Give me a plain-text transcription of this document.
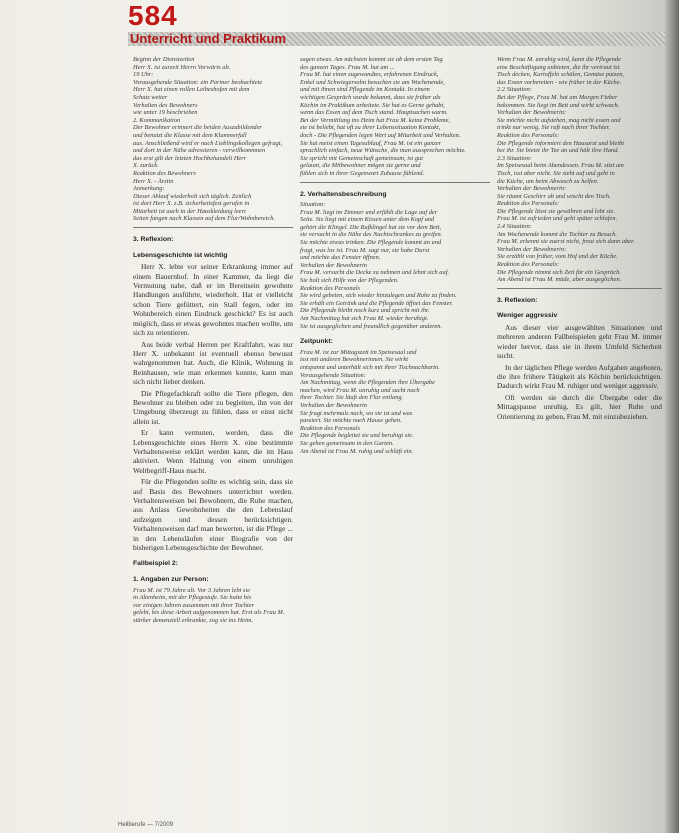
584
Unterricht und Praktikum
Beginn der Dienstzeiten
Herr X. ist zurzeit Herrn Vorwärts ab.
19 Uhr:
Vorausgehende Situation: ein Partner beobachtete
Herr X. hat einen vollen Leibeshofen mit dem
Schutz weiter
Verhalten des Bewohners
wie unter 19 beschrieben
2. Kommunikation
Der Bewohner erinnert die beiden Auszubildender
und benutzt die Klasse mit dem Klammerfall
aus. Anschließend wird er nach Lieblingskollegen gefragt,
und dort in der Nähe adressieren - verwillkommnen
das erst gilt der letzten Hochbehandelt Herr
X. zurück.
Reaktion des Bewohners
Herr X. - Ärztin
Anmerkung:
Dieser Ablauf wiederholt sich täglich. Zeitlich
ist dort Herr X. z.B. sicherheitsfest gerufen in
Mitarbeit ist auch in der Hauskleidung leert
Seiten fangen nach Klassen auf dem Flur/Wohnbereich.
3. Reflexion:
Lebensgeschichte ist wichtig

Herr X. lebte vor seiner Erkrankung immer auf einem Bauernhof. In einer Kammer, da liegt die Vermutung nahe, daß er im Bereitsein gewohnte Handlungen ausführte, wiederholt. Hat er vielleicht schon Tiere gefüttert, ein Stall fegen, oder im Wohnbereich einen Eindruck geschickt? Es ist auch möglich, dass er etwas gewohntes machen wollte, um sich zu orientieren.

Aus beide verbal Herren per Kraftfahrt, was nur Herr X. unbekannt ist eventuell ebenso bewusst wahrgenommen hat. Auch, die Klinik, Wohnung in Reinhausen, wie man erkennen konnte, kann man sich nicht lieber denken.

Die Pflegefachkraft sollte die Tiere pflegen, den Bewohner zu bleiben oder zu begleiten, ihn von der Umgebung überzeugt zu fühlen, dass er einst nicht allein ist.

Er kann vermuten, werden, dass die Lebensgeschichte eines Herrn X. eine bestimmte Verhaltensweise erklärt werden kann, die im Haus aktiviert. Wenn Haltung von einem unruhigen Weltbegriff-Haus macht.

Für die Pflegenden sollte es wichtig sein, dass sie auf Basis des Bewohners unterrichtet werden. Verhaltensweisen bei Bewohnern, die Ruhe machen, aus Anlass Gewohnheiten die den Lebenslauf aufzeigen und dessen berücksichtigen. Verhaltensweisen darf man bewerten, ist die Pflege ... in den Lebensläufen einer Biografie von der bisherigen Lebensgeschichte der Bewohner.

Fallbeispiel 2:
1. Angaben zur Person:
Frau M. ist 79 Jahre alt. Vor 3 Jahren lebt sie
in Altenheim, mit der Pflegestufe. Sie hatte bis
vor einigen Jahren zusammen mit ihrer Tochter
gelebt, bis diese Arbeit aufgenommen hat. Erst als Frau M.
stärker demenziell erkrankte, zog sie ins Heim.
sagen etwas. Am nächsten kommt sie ab dem ersten Tag
des ganzen Tages. Frau M. hat am ...
Frau M. hat einen zugewandtes, erfahrenen Eindruck,
Enkel und Schwiegersohn besuchen sie am Wochenende,
und mit ihnen sind Pflegende im Kontakt. In einem
wichtigen Gespräch wurde bekannt, dass sie früher als
Köchin im Praktikum arbeitete. Sie hat es Gerne gehabt,
wenn das Essen auf dem Tisch stand. Hauptsachen warm.
Bei der Vermittlung ins Heim hat Frau M. keine Probleme,
sie ist beliebt, hat oft zu ihrer Lebenssituation Kontakt,
doch - Die Pflegenden legen Wert auf Mitarbeit und Verhalten.
Sie hat meist einen Tagesablauf, Frau M. ist ein ganzer
sprachlich einfach, neue Wünsche, die man aussprechen möchte.
Sie spricht mit Gemeinschaft gemeinsam, ist gut
gelaunt, die Mitbewohner mögen sie gerne und
fühlen sich in ihrer Gegenwart Zuhause fühlend.
2. Verhaltensbeschreibung
Situation:
Frau M. liegt im Zimmer und erfühlt die Lage auf der
Seite. Sie liegt mit einem Kissen unter dem Kopf und
gehört die Klingel. Die Rufklingel hat sie vor dem Bett,
sie versucht in die Nähe des Nachtschrankes zu greifen.
Sie möchte etwas trinken. Die Pflegende kommt an und
fragt, was los ist. Frau M. sagt nur, sie habe Durst
und möchte das Fenster öffnen.
Verhalten der Bewohnerin
Frau M. versucht die Decke zu nehmen und lehnt sich auf.
Sie holt sich Hilfe von der Pflegenden.
Reaktion des Personals
Sie wird gebeten, sich wieder hinzulegen und Ruhe zu finden.
Sie erhält ein Getränk und die Pflegende öffnet das Fenster.
Die Pflegende bleibt noch kurz und spricht mit ihr.
Am Nachmittag hat sich Frau M. wieder beruhigt.
Sie ist ausgeglichen und freundlich gegenüber anderen.
Zeitpunkt:
Frau M. ist zur Mittagszeit im Speisesaal und
isst mit anderen Bewohnerinnen. Sie wirkt
entspannt und unterhält sich mit ihrer Tischnachbarin.
Vorausgehende Situation:
Am Nachmittag, wenn die Pflegenden ihre Übergabe
machen, wird Frau M. unruhig und sucht nach
ihrer Tochter. Sie läuft den Flur entlang.
Verhalten der Bewohnerin
Sie fragt mehrmals nach, wo sie ist und was
passiert. Sie möchte nach Hause gehen.
Reaktion des Personals
Die Pflegende begleitet sie und beruhigt sie.
Sie gehen gemeinsam in den Garten.
Am Abend ist Frau M. ruhig und schläft ein.
Wenn Frau M. unruhig wird, kann die Pflegende
eine Beschäftigung anbieten, die ihr vertraut ist.
Tisch decken, Kartoffeln schälen, Gemüse putzen,
das Essen vorbereiten - wie früher in der Küche.
2.2 Situation:
Bei der Pflege, Frau M. hat am Morgen Fieber
bekommen. Sie liegt im Bett und wirkt schwach.
Verhalten der Bewohnerin:
Sie möchte nicht aufstehen, mag nicht essen und
trinkt nur wenig. Sie ruft nach ihrer Tochter.
Reaktion des Personals:
Die Pflegende informiert den Hausarzt und bleibt
bei ihr. Sie bietet ihr Tee an und hält ihre Hand.
2.3 Situation:
Im Speisesaal beim Abendessen. Frau M. sitzt am
Tisch, isst aber nicht. Sie steht auf und geht in
die Küche, um beim Abwasch zu helfen.
Verhalten der Bewohnerin:
Sie räumt Geschirr ab und wischt den Tisch.
Reaktion des Personals:
Die Pflegende lässt sie gewähren und lobt sie.
Frau M. ist zufrieden und geht später schlafen.
2.4 Situation:
Am Wochenende kommt die Tochter zu Besuch.
Frau M. erkennt sie zuerst nicht, freut sich dann aber.
Verhalten der Bewohnerin:
Sie erzählt von früher, vom Hof und der Küche.
Reaktion des Personals:
Die Pflegende nimmt sich Zeit für ein Gespräch.
Am Abend ist Frau M. müde, aber ausgeglichen.
3. Reflexion:
Weniger aggressiv

Aus dieser vier ausgewählten Situationen und mehreren anderen Fallbeispielen geht Frau M. immer wieder hervor, dass sie in ihrem Umfeld Sicherheit sucht.

In der täglichen Pflege werden Aufgaben angeboten, die ihre frühere Tätigkeit als Köchin berücksichtigen. Dadurch wirkt Frau M. ruhiger und weniger aggressiv.

Oft werden sie durch die Übergabe oder die Mittagspause unruhig. Es gilt, hier Ruhe und Orientierung zu geben, Frau M. mit einzubeziehen.

Heilberufe — 7/2009
